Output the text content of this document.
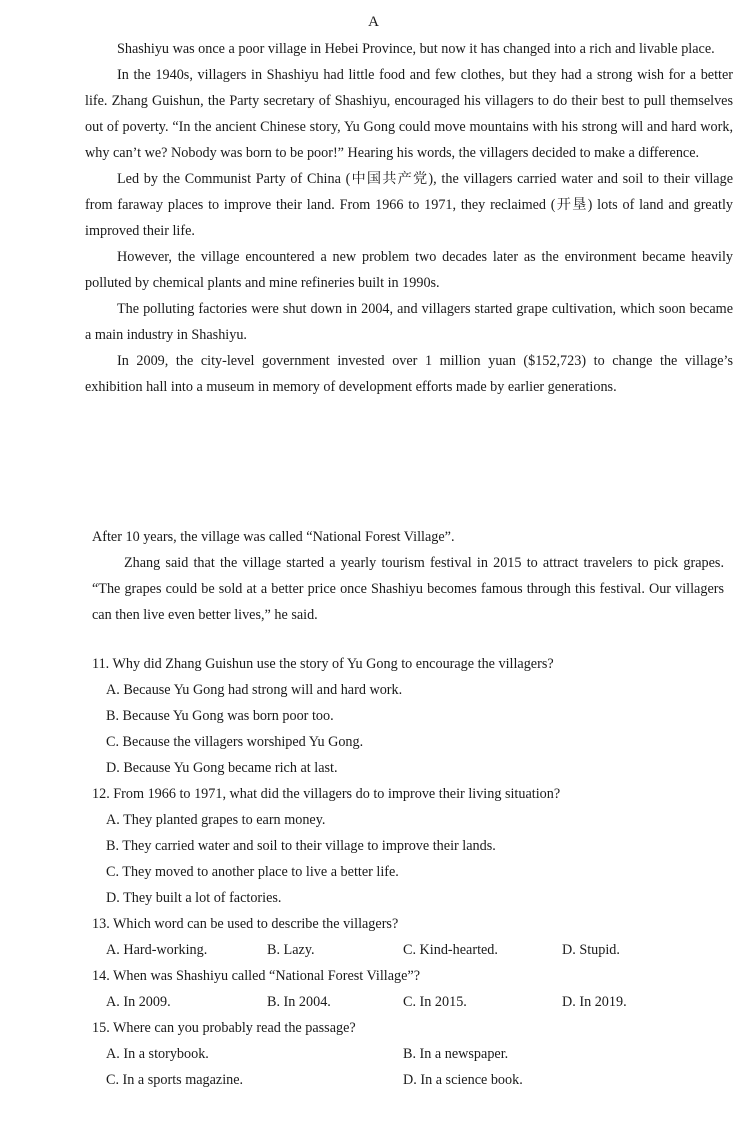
A

Shashiyu was once a poor village in Hebei Province, but now it has changed into a rich and livable place.

In the 1940s, villagers in Shashiyu had little food and few clothes, but they had a strong wish for a better life. Zhang Guishun, the Party secretary of Shashiyu, encouraged his villagers to do their best to pull themselves out of poverty. “In the ancient Chinese story, Yu Gong could move mountains with his strong will and hard work, why can’t we? Nobody was born to be poor!” Hearing his words, the villagers decided to make a difference.

Led by the Communist Party of China (中国共产党), the villagers carried water and soil to their village from faraway places to improve their land. From 1966 to 1971, they reclaimed (开垦) lots of land and greatly improved their life.

However, the village encountered a new problem two decades later as the environment became heavily polluted by chemical plants and mine refineries built in 1990s.

The polluting factories were shut down in 2004, and villagers started grape cultivation, which soon became a main industry in Shashiyu.

In 2009, the city-level government invested over 1 million yuan ($152,723) to change the village’s exhibition hall into a museum in memory of development efforts made by earlier generations.

After 10 years, the village was called “National Forest Village”.

Zhang said that the village started a yearly tourism festival in 2015 to attract travelers to pick grapes. “The grapes could be sold at a better price once Shashiyu becomes famous through this festival. Our villagers can then live even better lives,” he said.

11. Why did Zhang Guishun use the story of Yu Gong to encourage the villagers?
A. Because Yu Gong had strong will and hard work.
B. Because Yu Gong was born poor too.
C. Because the villagers worshiped Yu Gong.
D. Because Yu Gong became rich at last.
12. From 1966 to 1971, what did the villagers do to improve their living situation?
A. They planted grapes to earn money.
B. They carried water and soil to their village to improve their lands.
C. They moved to another place to live a better life.
D. They built a lot of factories.
13. Which word can be used to describe the villagers?
A. Hard-working.	B. Lazy.	C. Kind-hearted.	D. Stupid.
14. When was Shashiyu called “National Forest Village”?
A. In 2009.	B. In 2004.	C. In 2015.	D. In 2019.
15. Where can you probably read the passage?
A. In a storybook.	B. In a newspaper.
C. In a sports magazine.	D. In a science book.
